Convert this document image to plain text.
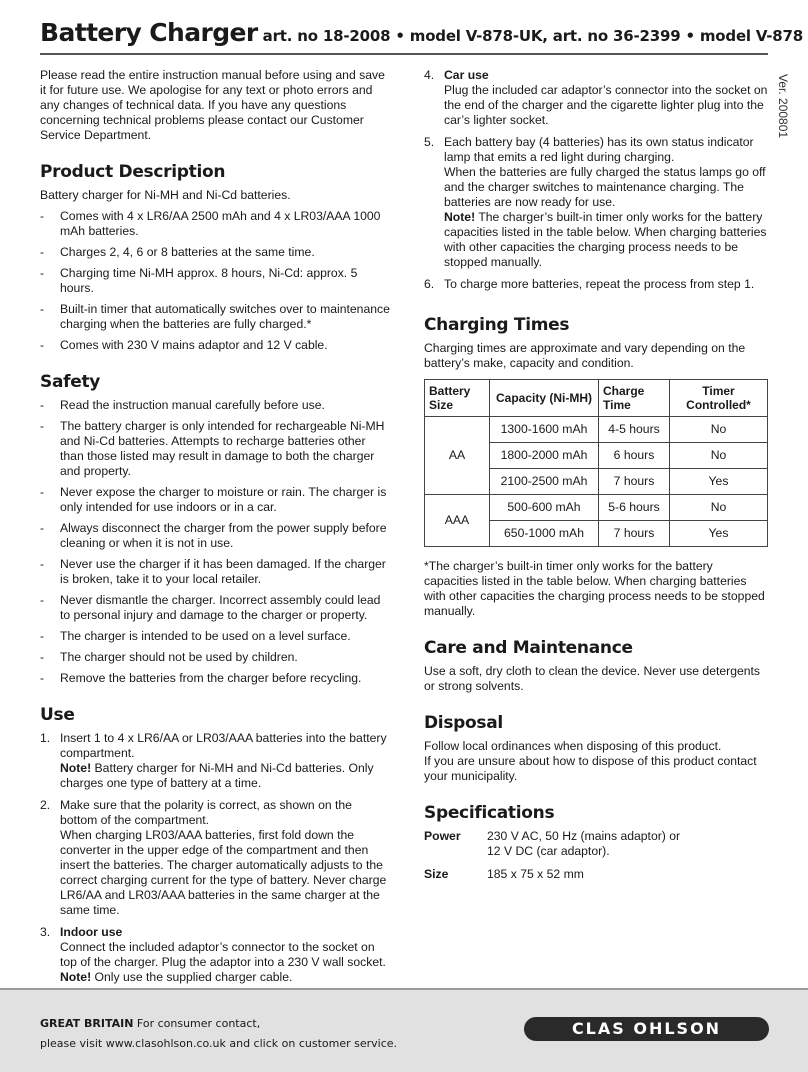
Battery Charger art. no 18-2008 • model V-878-UK, art. no 36-2399 • model V-878
Ver. 200801

Please read the entire instruction manual before using and save it for future use. We apologise for any text or photo errors and any changes of technical data. If you have any questions concerning technical problems please contact our Customer Service Department.

Product Description

Battery charger for Ni-MH and Ni-Cd batteries.

- Comes with 4 x LR6/AA 2500 mAh and 4 x LR03/AAA 1000 mAh batteries.
- Charges 2, 4, 6 or 8 batteries at the same time.
- Charging time Ni-MH approx. 8 hours, Ni-Cd: approx. 5 hours.
- Built-in timer that automatically switches over to maintenance charging when the batteries are fully charged.*
- Comes with 230 V mains adaptor and 12 V cable.
Safety
- Read the instruction manual carefully before use.
- The battery charger is only intended for rechargeable Ni-MH and Ni-Cd batteries. Attempts to recharge batteries other than those listed may result in damage to both the charger and property.
- Never expose the charger to moisture or rain. The charger is only intended for use indoors or in a car.
- Always disconnect the charger from the power supply before cleaning or when it is not in use.
- Never use the charger if it has been damaged. If the charger is broken, take it to your local retailer.
- Never dismantle the charger. Incorrect assembly could lead to personal injury and damage to the charger or property.
- The charger is intended to be used on a level surface.
- The charger should not be used by children.
- Remove the batteries from the charger before recycling.
Use
1. Insert 1 to 4 x LR6/AA or LR03/AAA batteries into the battery compartment.
Note! Battery charger for Ni-MH and Ni-Cd batteries. Only charges one type of battery at a time.
2. Make sure that the polarity is correct, as shown on the bottom of the compartment.
When charging LR03/AAA batteries, first fold down the converter in the upper edge of the compartment and then insert the batteries. The charger automatically adjusts to the correct charging current for the type of battery. Never charge LR6/AA and LR03/AAA batteries in the same charger at the same time.
3. Indoor use
Connect the included adaptor’s connector to the socket on top of the charger. Plug the adaptor into a 230 V wall socket. Note! Only use the supplied charger cable.
4. Car use
Plug the included car adaptor’s connector into the socket on the end of the charger and the cigarette lighter plug into the car’s lighter socket.
5. Each battery bay (4 batteries) has its own status indicator lamp that emits a red light during charging.
When the batteries are fully charged the status lamps go off and the charger switches to maintenance charging. The batteries are now ready for use.
Note! The charger’s built-in timer only works for the battery capacities listed in the table below. When charging batteries with other capacities the charging process needs to be stopped manually.
6. To charge more batteries, repeat the process from step 1.
Charging Times

Charging times are approximate and vary depending on the battery’s make, capacity and condition.

Battery Size	Capacity (Ni-MH)	Charge Time	Timer Controlled*
AA	1300-1600 mAh	4-5 hours	No
	1800-2000 mAh	6 hours	No
	2100-2500 mAh	7 hours	Yes
AAA	500-600 mAh	5-6 hours	No
	650-1000 mAh	7 hours	Yes

*The charger’s built-in timer only works for the battery capacities listed in the table below. When charging batteries with other capacities the charging process needs to be stopped manually.

Care and Maintenance

Use a soft, dry cloth to clean the device. Never use detergents or strong solvents.

Disposal

Follow local ordinances when disposing of this product.
If you are unsure about how to dispose of this product contact your municipality.

Specifications
Power	230 V AC, 50 Hz (mains adaptor) or
12 V DC (car adaptor).
Size	185 x 75 x 52 mm
GREAT BRITAIN For consumer contact,
please visit www.clasohlson.co.uk and click on customer service.
CLAS OHLSON
